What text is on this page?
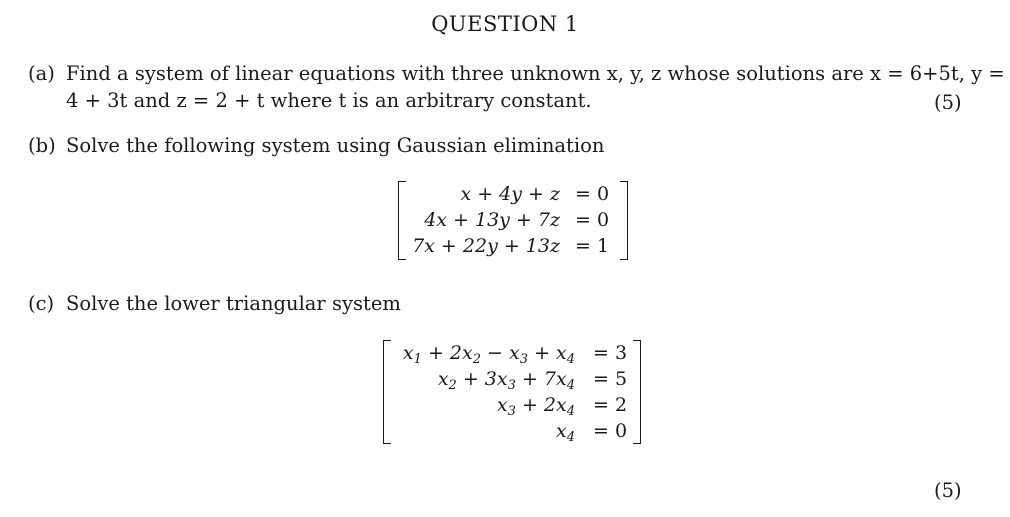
QUESTION 1
(a) Find a system of linear equations with three unknown x, y, z whose solutions are x = 6+5t, y =
4 + 3t and z = 2 + t where t is an arbitrary constant.	(5)
(b) Solve the following system using Gaussian elimination
x + 4y + z = 0
4x + 13y + 7z = 0
7x + 22y + 13z = 1
(c) Solve the lower triangular system
$x_1 + 2x_2 - x_3 + x_4 = 3$
$x_2 + 3x_3 + 7x_4 = 5$
$x_3 + 2x_4 = 2$
$x_4 = 0$
(5)
